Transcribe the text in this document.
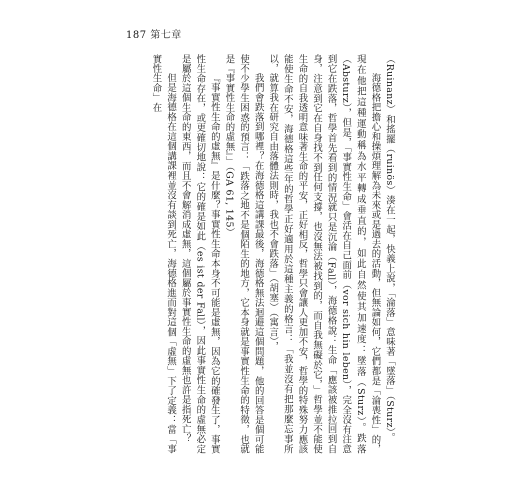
187 第七章

（Ruinanz）和搖擺（ruinös）湊在一起，快義上說，「淪落」意味著「墜落」（Sturz）。

海德格把擔心和操煩理解為未來或是過去的活動，但無論如何，它們都是「淪喪性」的，現在他把這種運動稱為水平轉成垂直的，如此自然使其加速度：墜落（Sturz）。跌落（Absturz），但是，「事實性生命」會活在自己面前（vor sich hin leben），完全沒有注意到它在跌落，哲學首先看到的情況就只是沉淪（Fall），海德格說：生命「應該被推拉回到自身，注意到它在自身找不到任何支撐，也沒無法被找到的，而自我無礙於它，」哲學並不能使生命的自我透明意味著生命的平安，正好相反，哲學只會讓人更加不安，哲學的特殊努力應該能使生命不安，海德格這些年的哲學正好適用於這種主義的格言：「我並沒有把那麼忘事所以，就算我在研究自由落體法則時，我也不會跌落」（胡塞）（寓言），

我們會跌落到哪裡？在海德格這講課最後，海德格無法迴避這個問題，他的回答是個可能使不少學生困惑的預言：「跌落之地不是個陌生的地方，它本身就是事實性生命的特徵，也就是『事實性生命的虛無』」（GA 61, 145）

『事實性生命的虛無』是什麼？事實性生命本身不可能是虛無，因為它的確發生了，事實性生命存在，或更確切地說：它的確是如此（es ist der Fall），因此事實性生命的虛無必定是屬於這個生命的東西，而且不會解消成虛無，這個屬於事實性生命的虛無也許是指死亡？

但是海德格在這個講課裡並沒有談到死亡，海德格進而對這個「虛無」下了定義：當「事實性生命」在
